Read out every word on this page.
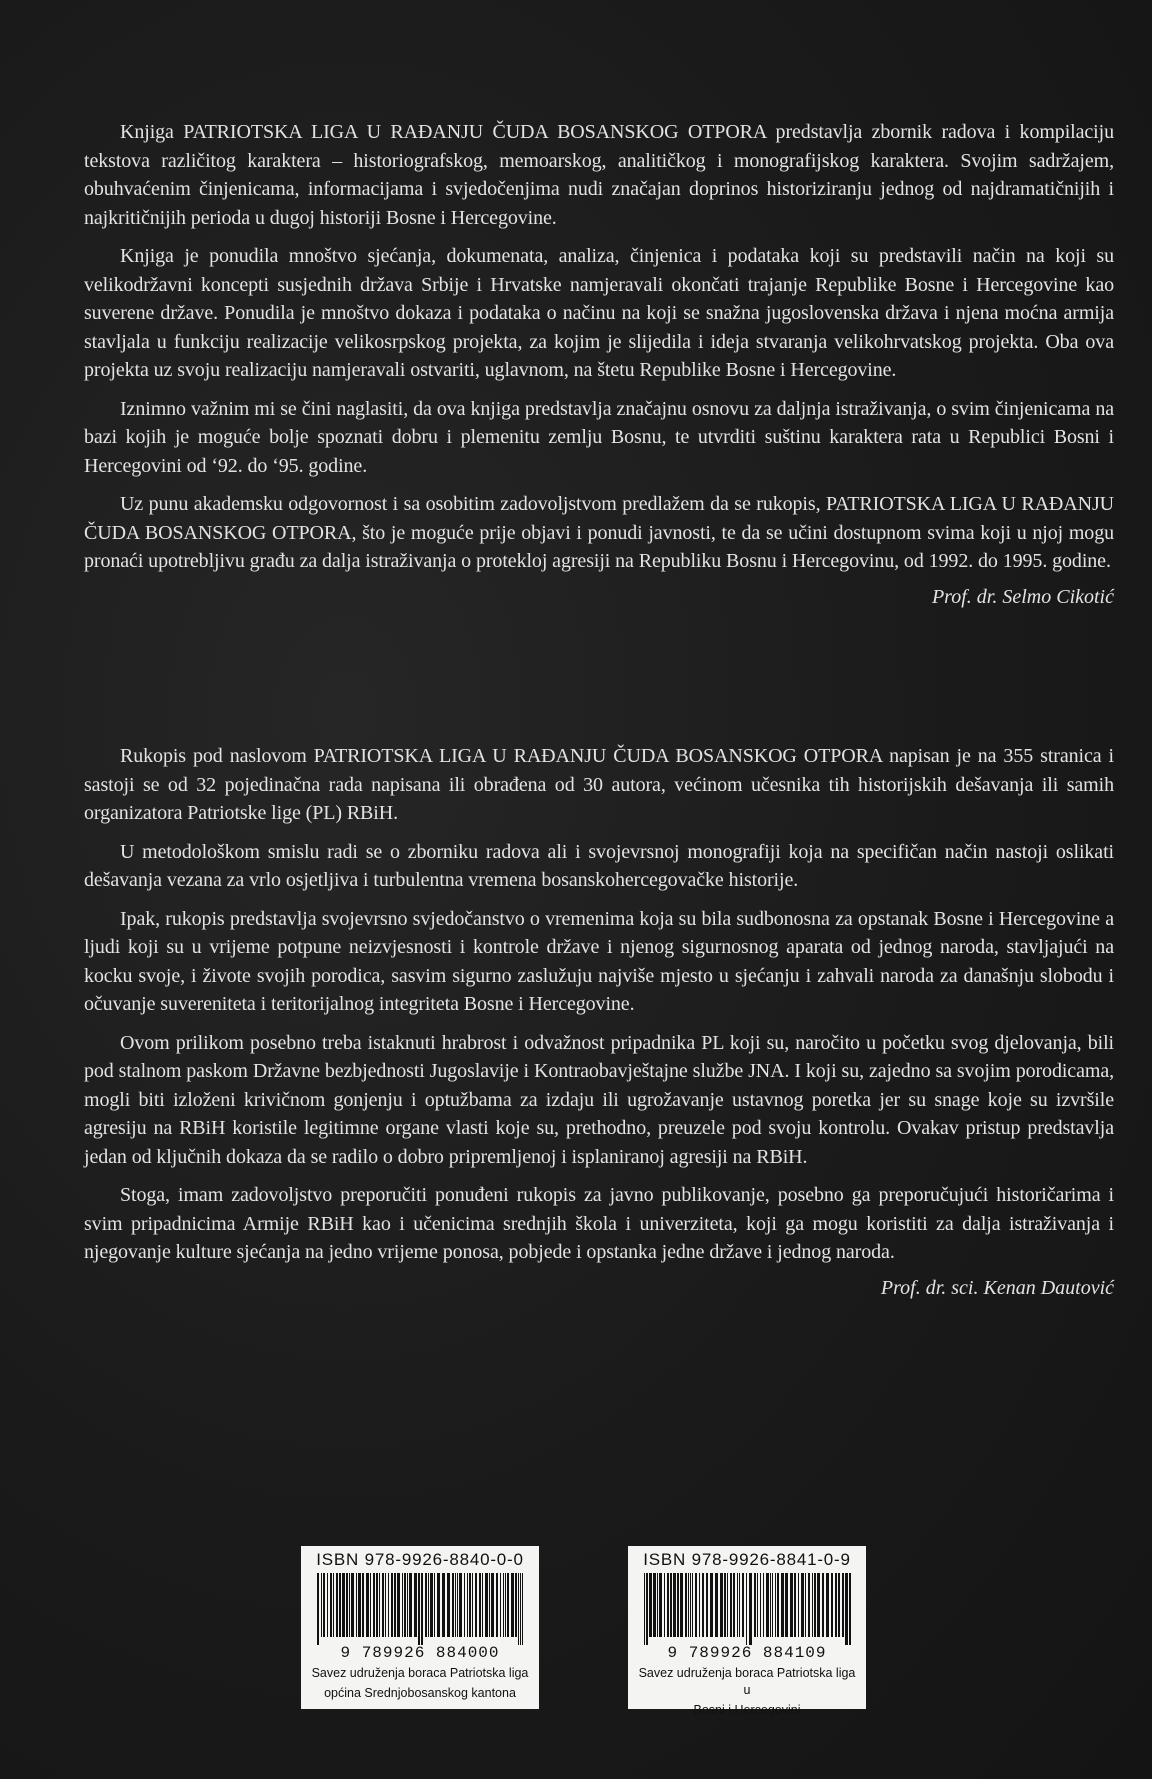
Knjiga PATRIOTSKA LIGA U RAĐANJU ČUDA BOSANSKOG OTPORA predstavlja zbornik radova i kompilaciju tekstova različitog karaktera – historiografskog, memoarskog, analitičkog i monografijskog karaktera. Svojim sadržajem, obuhvaćenim činjenicama, informacijama i svjedočenjima nudi značajan doprinos historiziranju jednog od najdramatičnijih i najkritičnijih perioda u dugoj historiji Bosne i Hercegovine.

Knjiga je ponudila mnoštvo sjećanja, dokumenata, analiza, činjenica i podataka koji su predstavili način na koji su velikodržavni koncepti susjednih država Srbije i Hrvatske namjeravali okončati trajanje Republike Bosne i Hercegovine kao suverene države. Ponudila je mnoštvo dokaza i podataka o načinu na koji se snažna jugoslovenska država i njena moćna armija stavljala u funkciju realizacije velikosrpskog projekta, za kojim je slijedila i ideja stvaranja velikohrvatskog projekta. Oba ova projekta uz svoju realizaciju namjeravali ostvariti, uglavnom, na štetu Republike Bosne i Hercegovine.

Iznimno važnim mi se čini naglasiti, da ova knjiga predstavlja značajnu osnovu za daljnja istraživanja, o svim činjenicama na bazi kojih je moguće bolje spoznati dobru i plemenitu zemlju Bosnu, te utvrditi suštinu karaktera rata u Republici Bosni i Hercegovini od ‘92. do ‘95. godine.

Uz punu akademsku odgovornost i sa osobitim zadovoljstvom predlažem da se rukopis, PATRIOTSKA LIGA U RAĐANJU ČUDA BOSANSKOG OTPORA, što je moguće prije objavi i ponudi javnosti, te da se učini dostupnom svima koji u njoj mogu pronaći upotrebljivu građu za dalja istraživanja o proteklој agresiji na Republiku Bosnu i Hercegovinu, od 1992. do 1995. godine.

Prof. dr. Selmo Cikotić

Rukopis pod naslovom PATRIOTSKA LIGA U RAĐANJU ČUDA BOSANSKOG OTPORA napisan je na 355 stranica i sastoji se od 32 pojedinačna rada napisana ili obrađena od 30 autora, većinom učesnika tih historijskih dešavanja ili samih organizatora Patriotske lige (PL) RBiH.

U metodološkom smislu radi se o zborniku radova ali i svojevrsnoj monografiji koja na specifičan način nastoji oslikati dešavanja vezana za vrlo osjetljiva i turbulentna vremena bosanskohercegovačke historije.

Ipak, rukopis predstavlja svojevrsno svjedočanstvo o vremenima koja su bila sudbonosna za opstanak Bosne i Hercegovine a ljudi koji su u vrijeme potpune neizvjesnosti i kontrole države i njenog sigurnosnog aparata od jednog naroda, stavljajući na kocku svoje, i živote svojih porodica, sasvim sigurno zaslužuju najviše mjesto u sjećanju i zahvali naroda za današnju slobodu i očuvanje suvereniteta i teritorijalnog integriteta Bosne i Hercegovine.

Ovom prilikom posebno treba istaknuti hrabrost i odvažnost pripadnika PL koji su, naročito u početku svog djelovanja, bili pod stalnom paskom Državne bezbjednosti Jugoslavije i Kontraobavještajne službe JNA. I koji su, zajedno sa svojim porodicama, mogli biti izloženi krivičnom gonjenju i optužbama za izdaju ili ugrožavanje ustavnog poretka jer su snage koje su izvršile agresiju na RBiH koristile legitimne organe vlasti koje su, prethodno, preuzele pod svoju kontrolu. Ovakav pristup predstavlja jedan od ključnih dokaza da se radilo o dobro pripremljenoj i isplaniranoj agresiji na RBiH.

Stoga, imam zadovoljstvo preporučiti ponuđeni rukopis za javno publikovanje, posebno ga preporučujući historičarima i svim pripadnicima Armije RBiH kao i učenicima srednjih škola i univerziteta, koji ga mogu koristiti za dalja istraživanja i njegovanje kulture sjećanja na jedno vrijeme ponosa, pobjede i opstanka jedne države i jednog naroda.

Prof. dr. sci. Kenan Dautović
ISBN 978-9926-8840-0-0
9 789926 884000
Savez udruženja boraca Patriotska liga
općina Srednjobosanskog kantona
ISBN 978-9926-8841-0-9
9 789926 884109
Savez udruženja boraca Patriotska liga u
Bosni i Hercegovini
